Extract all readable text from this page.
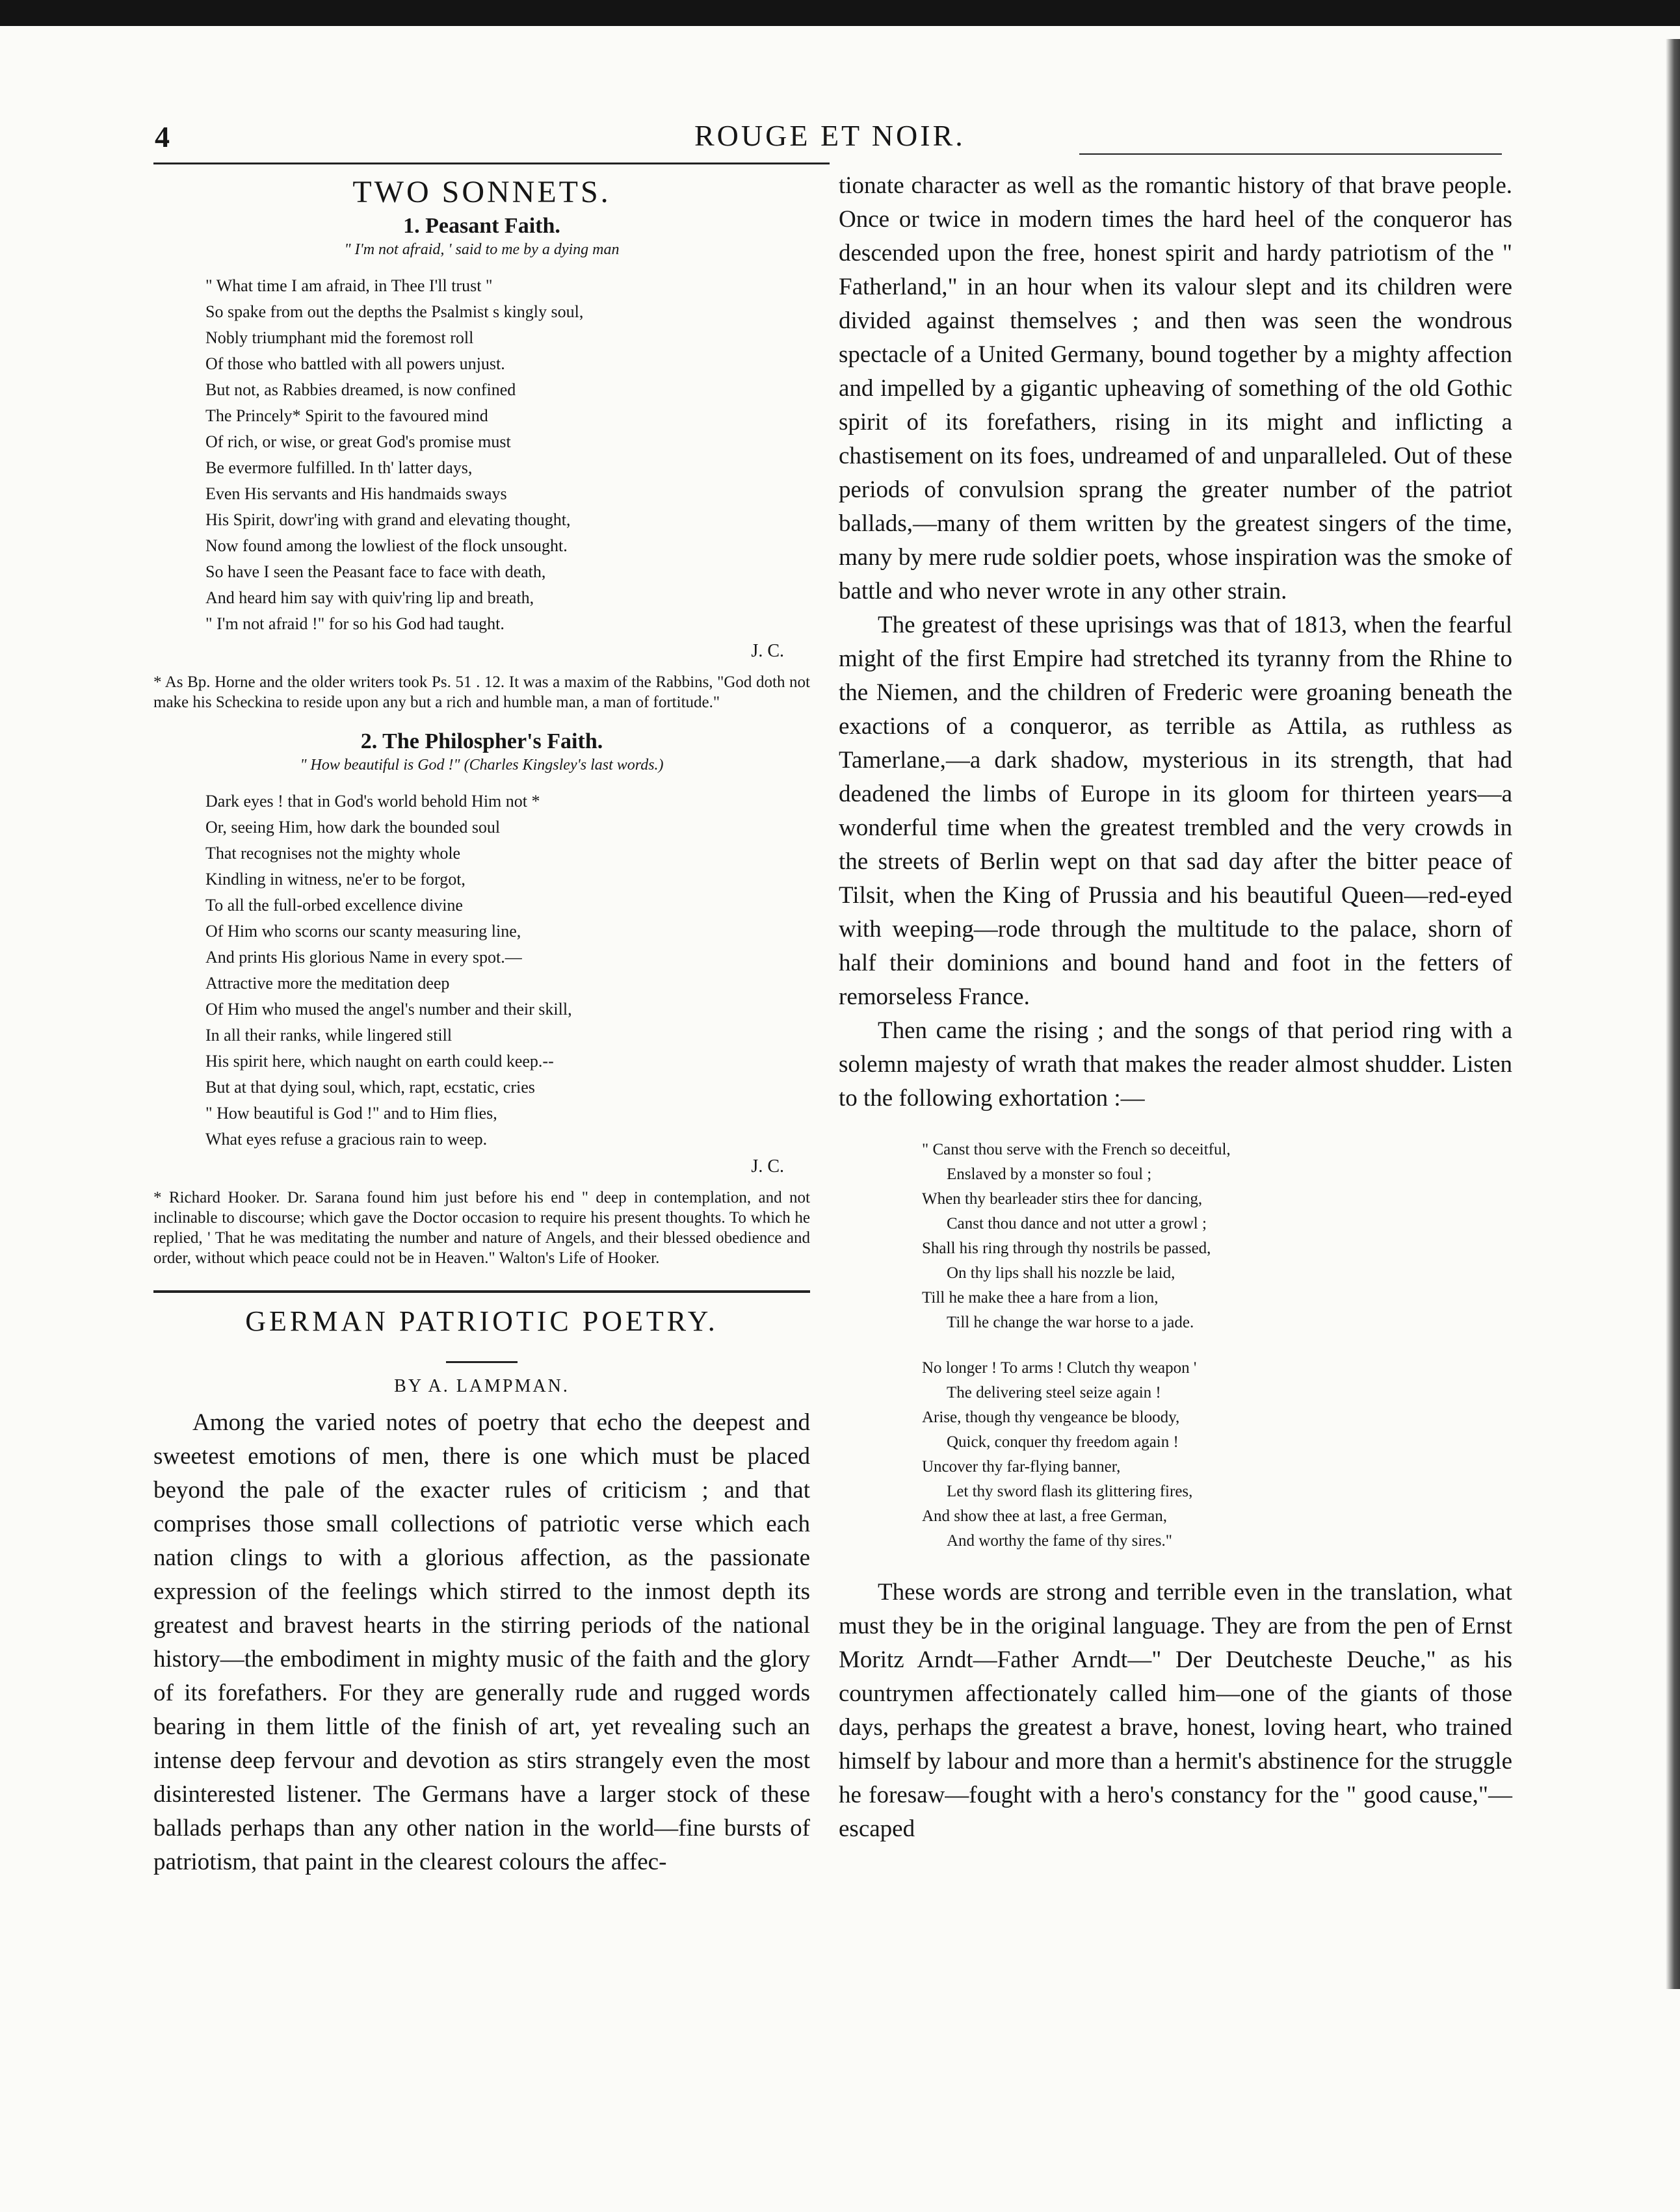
4	ROUGE ET NOIR.
TWO SONNETS.
1. Peasant Faith.
" I'm not afraid, ' said to me by a dying man
" What time I am afraid, in Thee I'll trust "
So spake from out the depths the Psalmist s kingly soul,
Nobly triumphant mid the foremost roll
Of those who battled with all powers unjust.
But not, as Rabbies dreamed, is now confined
The Princely* Spirit to the favoured mind
Of rich, or wise, or great God's promise must
Be evermore fulfilled. In th' latter days,
Even His servants and His handmaids sways
His Spirit, dowr'ing with grand and elevating thought,
Now found among the lowliest of the flock unsought.
So have I seen the Peasant face to face with death,
And heard him say with quiv'ring lip and breath,
" I'm not afraid !" for so his God had taught.
J. C.
* As Bp. Horne and the older writers took Ps. 51 . 12. It was a maxim of the Rabbins, "God doth not make his Scheckina to reside upon any but a rich and humble man, a man of fortitude."
2. The Philospher's Faith.
" How beautiful is God !" (Charles Kingsley's last words.)
Dark eyes ! that in God's world behold Him not *
Or, seeing Him, how dark the bounded soul
That recognises not the mighty whole
Kindling in witness, ne'er to be forgot,
To all the full-orbed excellence divine
Of Him who scorns our scanty measuring line,
And prints His glorious Name in every spot.—
Attractive more the meditation deep
Of Him who mused the angel's number and their skill,
In all their ranks, while lingered still
His spirit here, which naught on earth could keep.--
But at that dying soul, which, rapt, ecstatic, cries
" How beautiful is God !" and to Him flies,
What eyes refuse a gracious rain to weep.
J. C.
* Richard Hooker. Dr. Sarana found him just before his end " deep in contemplation, and not inclinable to discourse; which gave the Doctor occasion to require his present thoughts. To which he replied, ' That he was meditating the number and nature of Angels, and their blessed obedience and order, without which peace could not be in Heaven." Walton's Life of Hooker.
GERMAN PATRIOTIC POETRY.
BY A. LAMPMAN.

Among the varied notes of poetry that echo the deepest and sweetest emotions of men, there is one which must be placed beyond the pale of the exacter rules of criticism ; and that comprises those small collections of patriotic verse which each nation clings to with a glorious affection, as the passionate expression of the feelings which stirred to the inmost depth its greatest and bravest hearts in the stirring periods of the national history—the embodiment in mighty music of the faith and the glory of its forefathers. For they are generally rude and rugged words bearing in them little of the finish of art, yet revealing such an intense deep fervour and devotion as stirs strangely even the most disinterested listener. The Germans have a larger stock of these ballads perhaps than any other nation in the world—fine bursts of patriotism, that paint in the clearest colours the affec-

tionate character as well as the romantic history of that brave people. Once or twice in modern times the hard heel of the conqueror has descended upon the free, honest spirit and hardy patriotism of the " Fatherland," in an hour when its valour slept and its children were divided against themselves ; and then was seen the wondrous spectacle of a United Germany, bound together by a mighty affection and impelled by a gigantic upheaving of something of the old Gothic spirit of its forefathers, rising in its might and inflicting a chastisement on its foes, undreamed of and unparalleled. Out of these periods of convulsion sprang the greater number of the patriot ballads,—many of them written by the greatest singers of the time, many by mere rude soldier poets, whose inspiration was the smoke of battle and who never wrote in any other strain.

The greatest of these uprisings was that of 1813, when the fearful might of the first Empire had stretched its tyranny from the Rhine to the Niemen, and the children of Frederic were groaning beneath the exactions of a conqueror, as terrible as Attila, as ruthless as Tamerlane,—a dark shadow, mysterious in its strength, that had deadened the limbs of Europe in its gloom for thirteen years—a wonderful time when the greatest trembled and the very crowds in the streets of Berlin wept on that sad day after the bitter peace of Tilsit, when the King of Prussia and his beautiful Queen—red-eyed with weeping—rode through the multitude to the palace, shorn of half their dominions and bound hand and foot in the fetters of remorseless France.

Then came the rising ; and the songs of that period ring with a solemn majesty of wrath that makes the reader almost shudder. Listen to the following exhortation :—

" Canst thou serve with the French so deceitful,
Enslaved by a monster so foul ;
When thy bearleader stirs thee for dancing,
Canst thou dance and not utter a growl ;
Shall his ring through thy nostrils be passed,
On thy lips shall his nozzle be laid,
Till he make thee a hare from a lion,
Till he change the war horse to a jade.
No longer ! To arms ! Clutch thy weapon '
The delivering steel seize again !
Arise, though thy vengeance be bloody,
Quick, conquer thy freedom again !
Uncover thy far-flying banner,
Let thy sword flash its glittering fires,
And show thee at last, a free German,
And worthy the fame of thy sires."

These words are strong and terrible even in the translation, what must they be in the original language. They are from the pen of Ernst Moritz Arndt—Father Arndt—" Der Deutcheste Deuche," as his countrymen affectionately called him—one of the giants of those days, perhaps the greatest a brave, honest, loving heart, who trained himself by labour and more than a hermit's abstinence for the struggle he foresaw—fought with a hero's constancy for the " good cause,"—escaped
